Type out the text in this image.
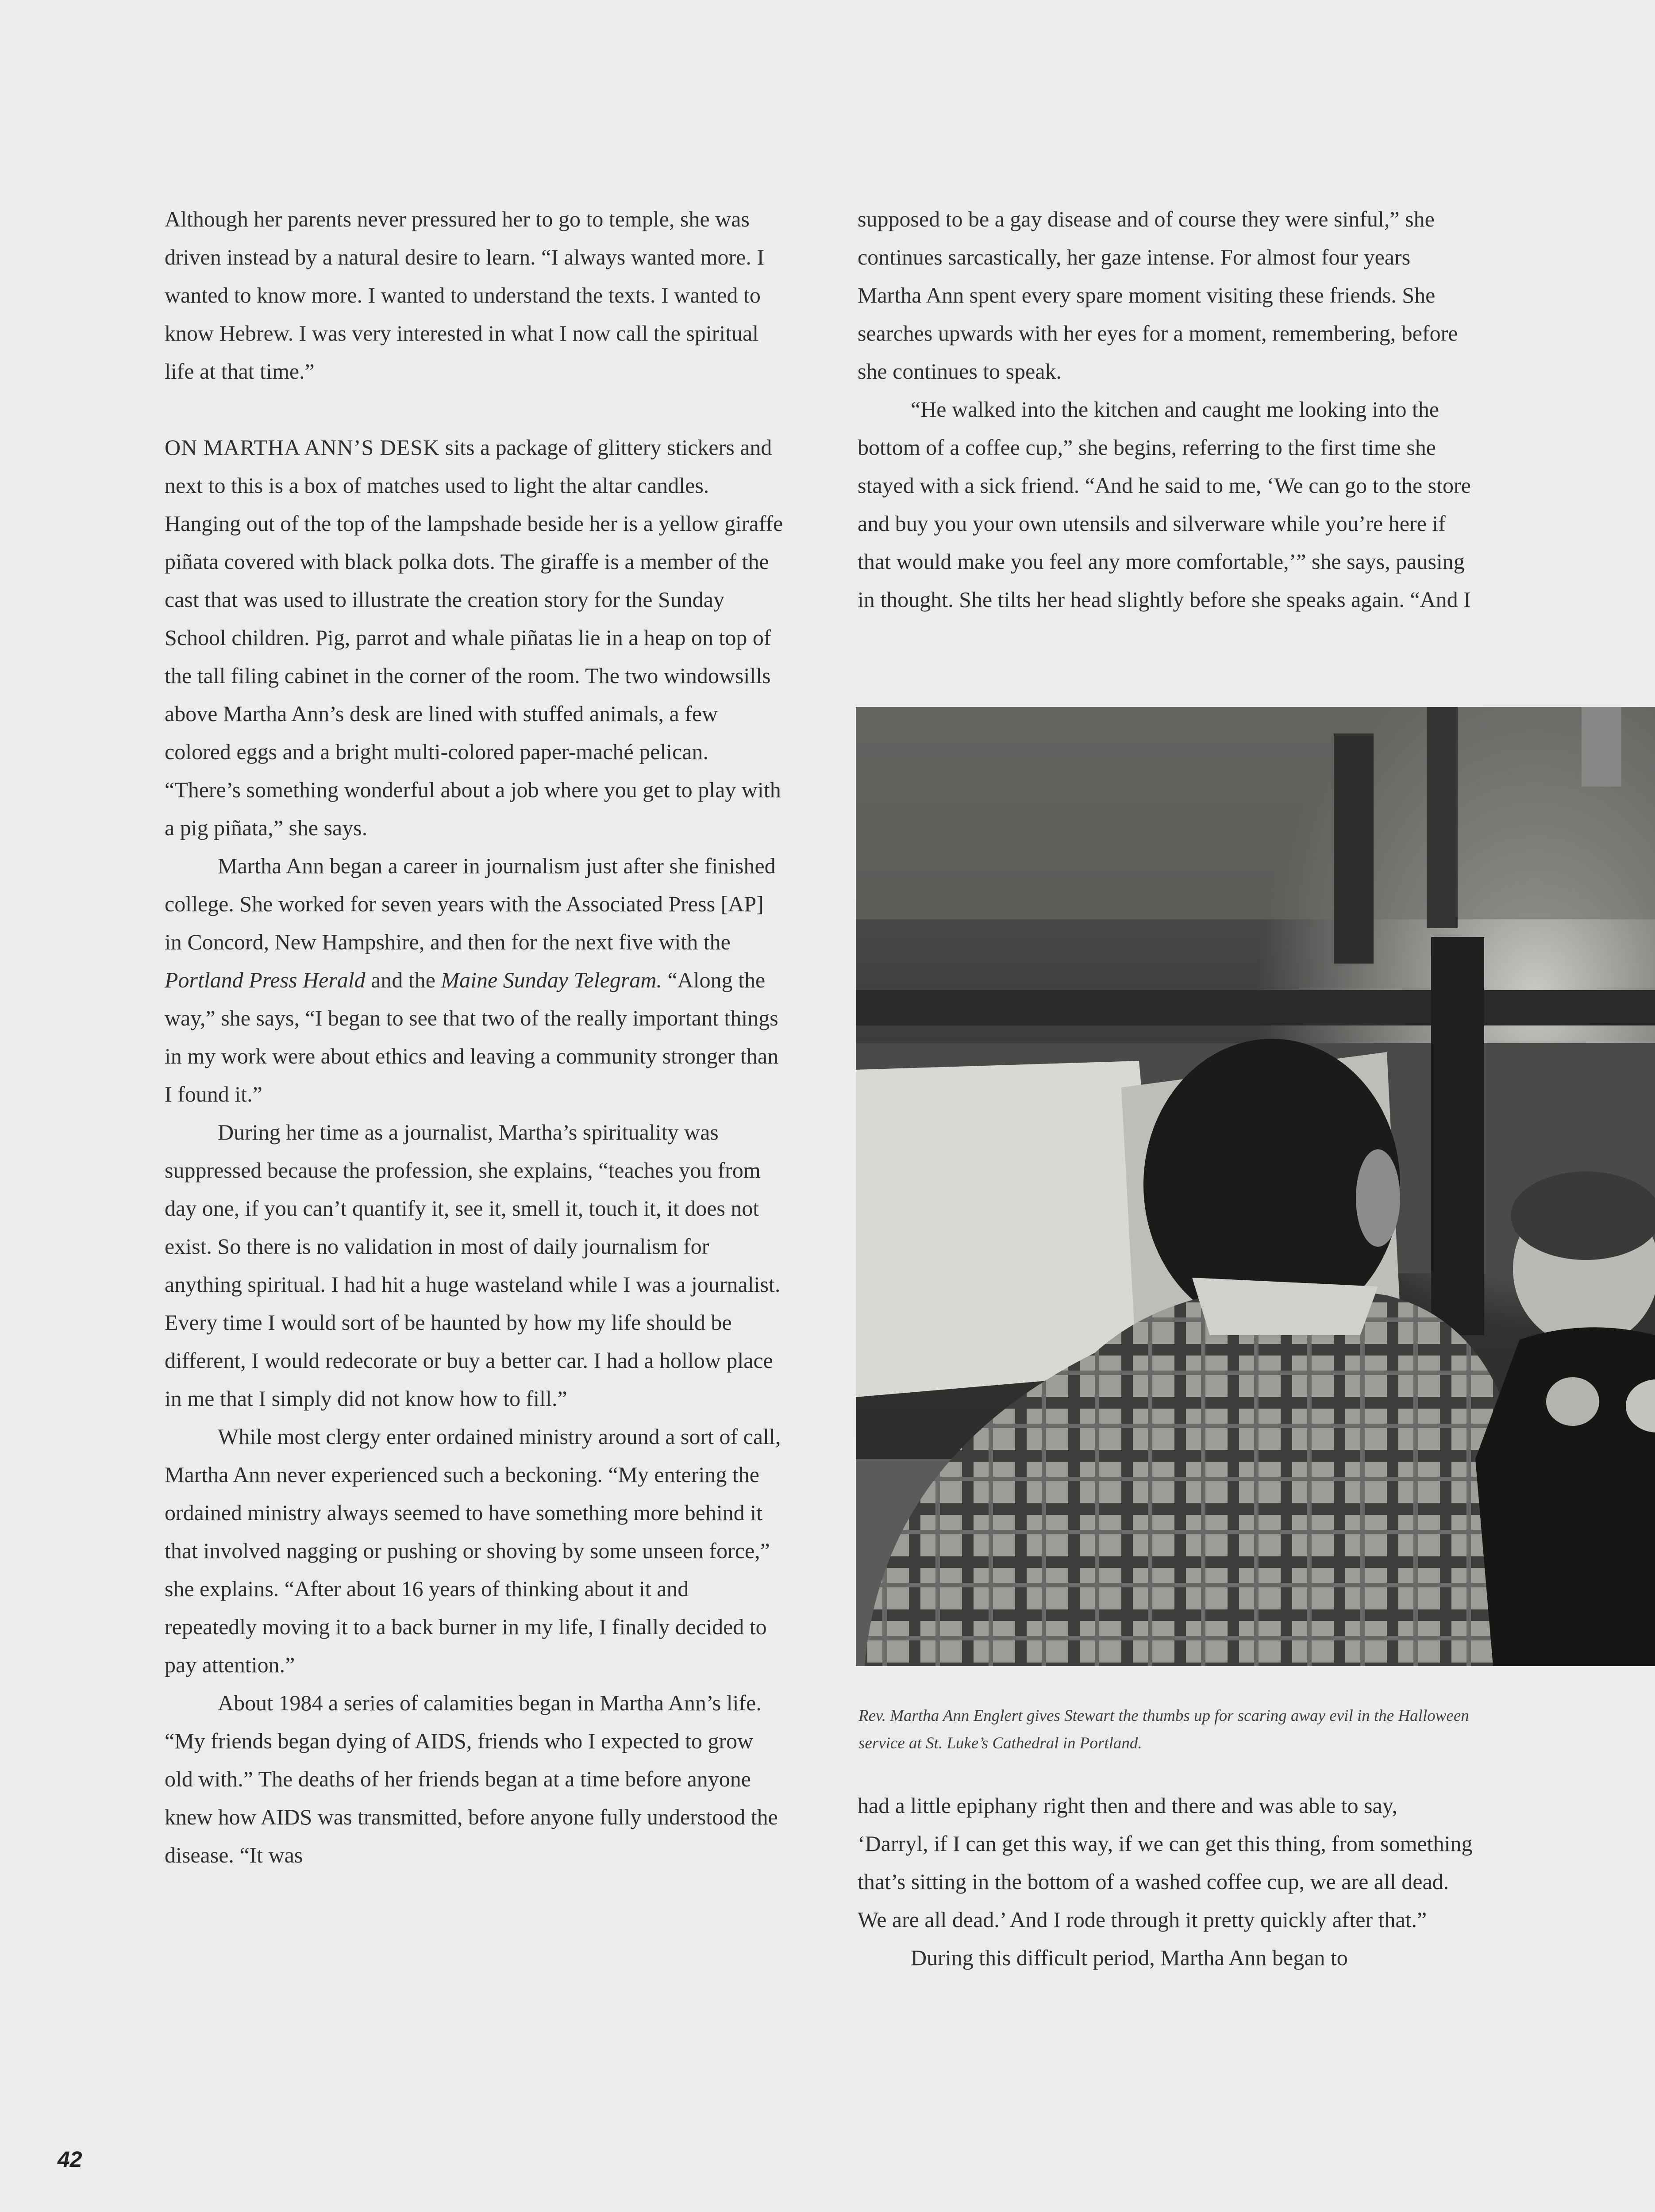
Although her parents never pressured her to go to temple, she was driven instead by a natural desire to learn. “I always wanted more. I wanted to know more. I wanted to understand the texts. I wanted to know Hebrew. I was very interested in what I now call the spiritual life at that time.”

ON MARTHA ANN’S DESK sits a package of glittery stickers and next to this is a box of matches used to light the altar candles. Hanging out of the top of the lampshade beside her is a yellow giraffe piñata covered with black polka dots. The giraffe is a member of the cast that was used to illustrate the creation story for the Sunday School children. Pig, parrot and whale piñatas lie in a heap on top of the tall filing cabinet in the corner of the room. The two windowsills above Martha Ann’s desk are lined with stuffed animals, a few colored eggs and a bright multi-colored paper-maché pelican. “There’s something wonderful about a job where you get to play with a pig piñata,” she says.

Martha Ann began a career in journalism just after she finished college. She worked for seven years with the Associated Press [AP] in Concord, New Hampshire, and then for the next five with the Portland Press Herald and the Maine Sunday Telegram. “Along the way,” she says, “I began to see that two of the really important things in my work were about ethics and leaving a community stronger than I found it.”

During her time as a journalist, Martha’s spirituality was suppressed because the profession, she explains, “teaches you from day one, if you can’t quantify it, see it, smell it, touch it, it does not exist. So there is no validation in most of daily journalism for anything spiritual. I had hit a huge wasteland while I was a journalist. Every time I would sort of be haunted by how my life should be different, I would redecorate or buy a better car. I had a hollow place in me that I simply did not know how to fill.”

While most clergy enter ordained ministry around a sort of call, Martha Ann never experienced such a beckoning. “My entering the ordained ministry always seemed to have something more behind it that involved nagging or pushing or shoving by some unseen force,” she explains. “After about 16 years of thinking about it and repeatedly moving it to a back burner in my life, I finally decided to pay attention.”

About 1984 a series of calamities began in Martha Ann’s life. “My friends began dying of AIDS, friends who I expected to grow old with.” The deaths of her friends began at a time before anyone knew how AIDS was transmitted, before anyone fully understood the disease. “It was

supposed to be a gay disease and of course they were sinful,” she continues sarcastically, her gaze intense. For almost four years Martha Ann spent every spare moment visiting these friends. She searches upwards with her eyes for a moment, remembering, before she continues to speak.

“He walked into the kitchen and caught me looking into the bottom of a coffee cup,” she begins, referring to the first time she stayed with a sick friend. “And he said to me, ‘We can go to the store and buy you your own utensils and silverware while you’re here if that would make you feel any more comfortable,’” she says, pausing in thought. She tilts her head slightly before she speaks again. “And I

Rev. Martha Ann Englert gives Stewart the thumbs up for scaring away evil in the Halloween service at St. Luke’s Cathedral in Portland.

had a little epiphany right then and there and was able to say, ‘Darryl, if I can get this way, if we can get this thing, from something that’s sitting in the bottom of a washed coffee cup, we are all dead. We are all dead.’ And I rode through it pretty quickly after that.”

During this difficult period, Martha Ann began to

42
